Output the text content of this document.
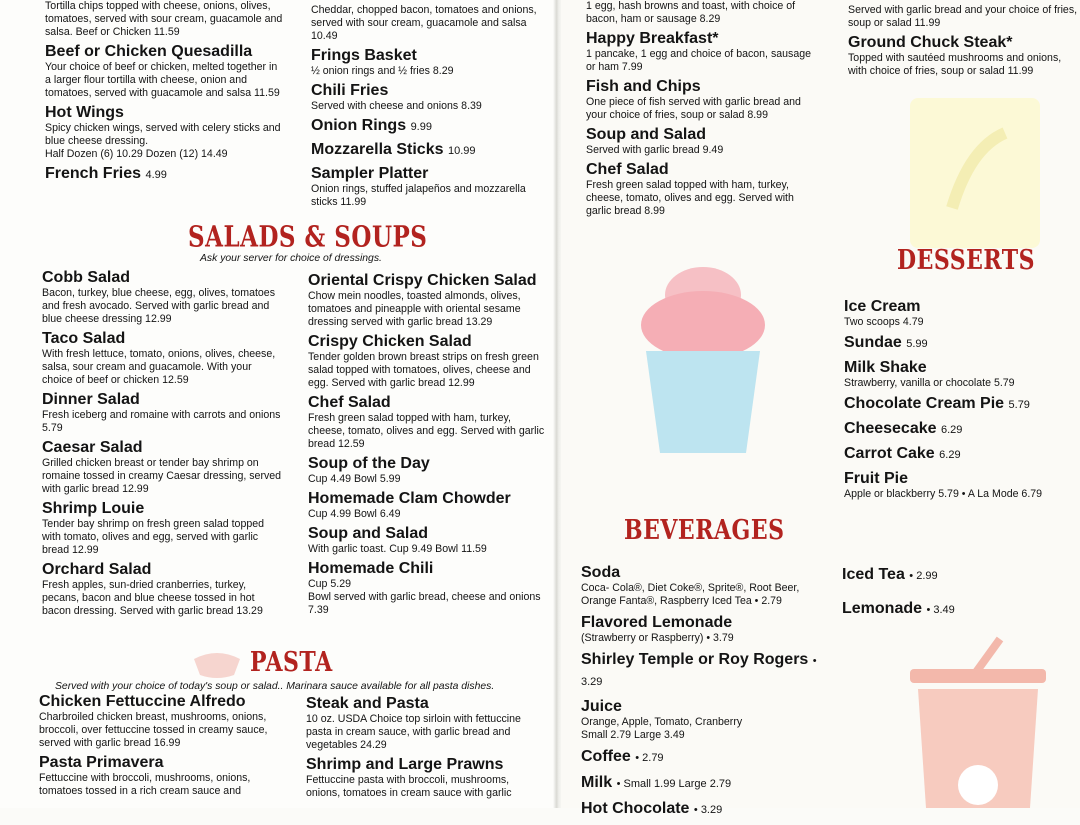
Tortilla chips topped with cheese, onions, olives, tomatoes, served with sour cream, guacamole and salsa. Beef or Chicken 11.59

Beef or Chicken Quesadilla

Your choice of beef or chicken, melted together in a larger flour tortilla with cheese, onion and tomatoes, served with guacamole and salsa 11.59

Hot Wings

Spicy chicken wings, served with celery sticks and blue cheese dressing.

Half Dozen (6) 10.29 Dozen (12) 14.49

French Fries 4.99

Cheddar, chopped bacon, tomatoes and onions, served with sour cream, guacamole and salsa 10.49

Frings Basket

½ onion rings and ½ fries 8.29

Chili Fries

Served with cheese and onions 8.39

Onion Rings 9.99

Mozzarella Sticks 10.99

Sampler Platter

Onion rings, stuffed jalapeños and mozzarella sticks 11.99

SALADS & SOUPS
Ask your server for choice of dressings.

Cobb Salad

Bacon, turkey, blue cheese, egg, olives, tomatoes and fresh avocado. Served with garlic bread and blue cheese dressing 12.99

Taco Salad

With fresh lettuce, tomato, onions, olives, cheese, salsa, sour cream and guacamole. With your choice of beef or chicken 12.59

Dinner Salad

Fresh iceberg and romaine with carrots and onions 5.79

Caesar Salad

Grilled chicken breast or tender bay shrimp on romaine tossed in creamy Caesar dressing, served with garlic bread 12.99

Shrimp Louie

Tender bay shrimp on fresh green salad topped with tomato, olives and egg, served with garlic bread 12.99

Orchard Salad

Fresh apples, sun-dried cranberries, turkey, pecans, bacon and blue cheese tossed in hot bacon dressing. Served with garlic bread 13.29

Oriental Crispy Chicken Salad

Chow mein noodles, toasted almonds, olives, tomatoes and pineapple with oriental sesame dressing served with garlic bread 13.29

Crispy Chicken Salad

Tender golden brown breast strips on fresh green salad topped with tomatoes, olives, cheese and egg. Served with garlic bread 12.99

Chef Salad

Fresh green salad topped with ham, turkey, cheese, tomato, olives and egg. Served with garlic bread 12.59

Soup of the Day

Cup 4.49 Bowl 5.99

Homemade Clam Chowder

Cup 4.99 Bowl 6.49

Soup and Salad

With garlic toast. Cup 9.49 Bowl 11.59

Homemade Chili

Cup 5.29

Bowl served with garlic bread, cheese and onions 7.39

PASTA
Served with your choice of today's soup or salad.. Marinara sauce available for all pasta dishes.

Chicken Fettuccine Alfredo

Charbroiled chicken breast, mushrooms, onions, broccoli, over fettuccine tossed in creamy sauce, served with garlic bread 16.99

Pasta Primavera

Fettuccine with broccoli, mushrooms, onions, tomatoes tossed in a rich cream sauce and

Steak and Pasta

10 oz. USDA Choice top sirloin with fettuccine pasta in cream sauce, with garlic bread and vegetables 24.29

Shrimp and Large Prawns

Fettuccine pasta with broccoli, mushrooms, onions, tomatoes in cream sauce with garlic

1 egg, hash browns and toast, with choice of bacon, ham or sausage 8.29

Happy Breakfast*

1 pancake, 1 egg and choice of bacon, sausage or ham 7.99

Fish and Chips

One piece of fish served with garlic bread and your choice of fries, soup or salad 8.99

Soup and Salad

Served with garlic bread 9.49

Chef Salad

Fresh green salad topped with ham, turkey, cheese, tomato, olives and egg. Served with garlic bread 8.99

Served with garlic bread and your choice of fries, soup or salad 11.99

Ground Chuck Steak*

Topped with sautéed mushrooms and onions, with choice of fries, soup or salad 11.99

DESSERTS

Ice Cream

Two scoops 4.79

Sundae 5.99

Milk Shake

Strawberry, vanilla or chocolate 5.79

Chocolate Cream Pie 5.79

Cheesecake 6.29

Carrot Cake 6.29

Fruit Pie

Apple or blackberry 5.79 • A La Mode 6.79

BEVERAGES

Soda

Coca- Cola®, Diet Coke®, Sprite®, Root Beer,

Orange Fanta®, Raspberry Iced Tea • 2.79

Flavored Lemonade

(Strawberry or Raspberry) • 3.79

Shirley Temple or Roy Rogers • 3.29

Juice

Orange, Apple, Tomato, Cranberry

Small 2.79 Large 3.49

Coffee • 2.79

Milk • Small 1.99 Large 2.79

Hot Chocolate • 3.29

Iced Tea • 2.99

Lemonade • 3.49
